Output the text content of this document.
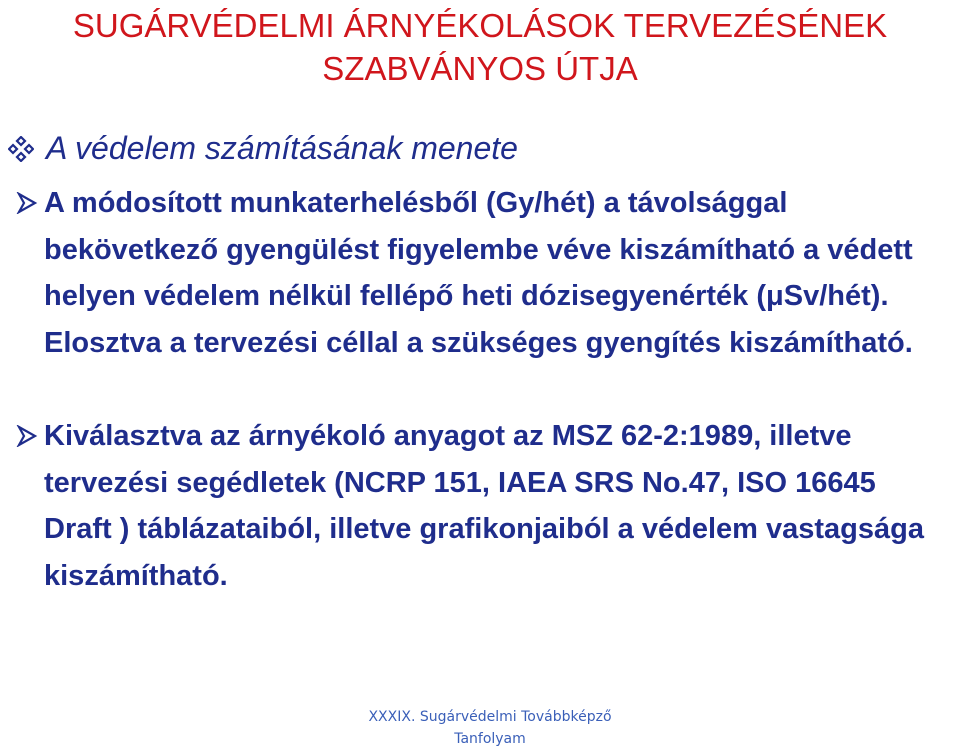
SUGÁRVÉDELMI ÁRNYÉKOLÁSOK TERVEZÉSÉNEK
SZABVÁNYOS ÚTJA
A védelem számításának menete

A módosított munkaterhelésből (Gy/hét) a távolsággal bekövetkező gyengülést figyelembe véve kiszámítható a védett helyen védelem nélkül fellépő heti dózisegyenérték (μSv/hét). Elosztva a tervezési céllal a szükséges gyengítés kiszámítható.

Kiválasztva az árnyékoló anyagot az MSZ 62-2:1989, illetve tervezési segédletek (NCRP 151, IAEA SRS No.47, ISO 16645 Draft ) táblázataiból, illetve grafikonjaiból a védelem vastagsága kiszámítható.

XXXIX. Sugárvédelmi Továbbképző
Tanfolyam
